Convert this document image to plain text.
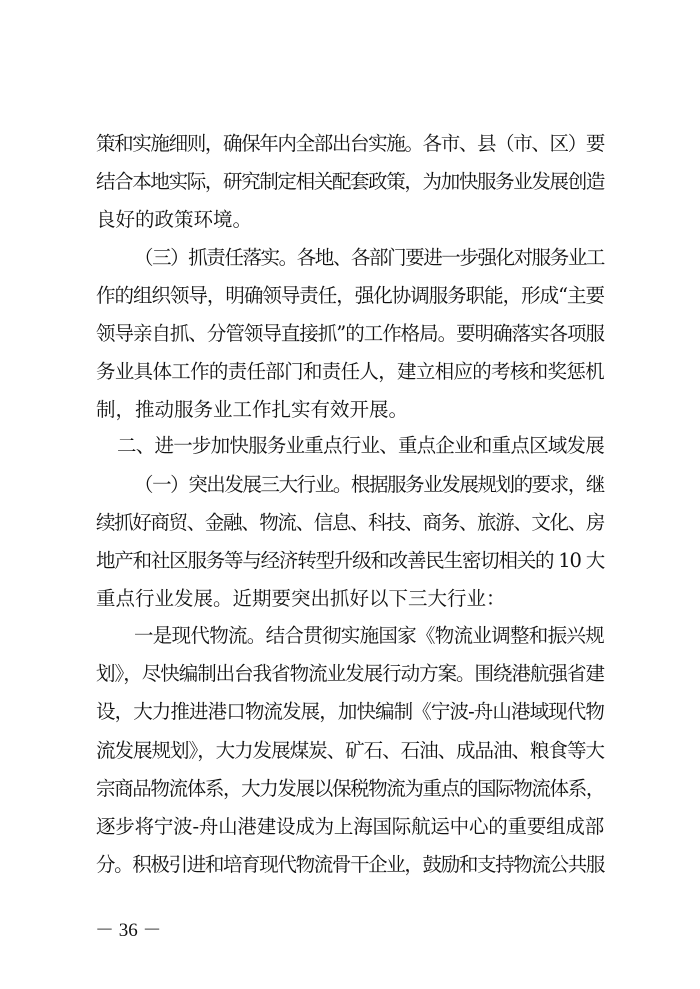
策和实施细则，确保年内全部出台实施。各市、县（市、区）要
结合本地实际，研究制定相关配套政策，为加快服务业发展创造
良好的政策环境。
（三）抓责任落实。各地、各部门要进一步强化对服务业工
作的组织领导，明确领导责任，强化协调服务职能，形成“主要
领导亲自抓、分管领导直接抓”的工作格局。要明确落实各项服
务业具体工作的责任部门和责任人，建立相应的考核和奖惩机
制，推动服务业工作扎实有效开展。
二、进一步加快服务业重点行业、重点企业和重点区域发展
（一）突出发展三大行业。根据服务业发展规划的要求，继
续抓好商贸、金融、物流、信息、科技、商务、旅游、文化、房
地产和社区服务等与经济转型升级和改善民生密切相关的 10 大
重点行业发展。近期要突出抓好以下三大行业：
一是现代物流。结合贯彻实施国家《物流业调整和振兴规
划》，尽快编制出台我省物流业发展行动方案。围绕港航强省建
设，大力推进港口物流发展，加快编制《宁波-舟山港域现代物
流发展规划》，大力发展煤炭、矿石、石油、成品油、粮食等大
宗商品物流体系，大力发展以保税物流为重点的国际物流体系，
逐步将宁波-舟山港建设成为上海国际航运中心的重要组成部
分。积极引进和培育现代物流骨干企业，鼓励和支持物流公共服
－ 36 －
